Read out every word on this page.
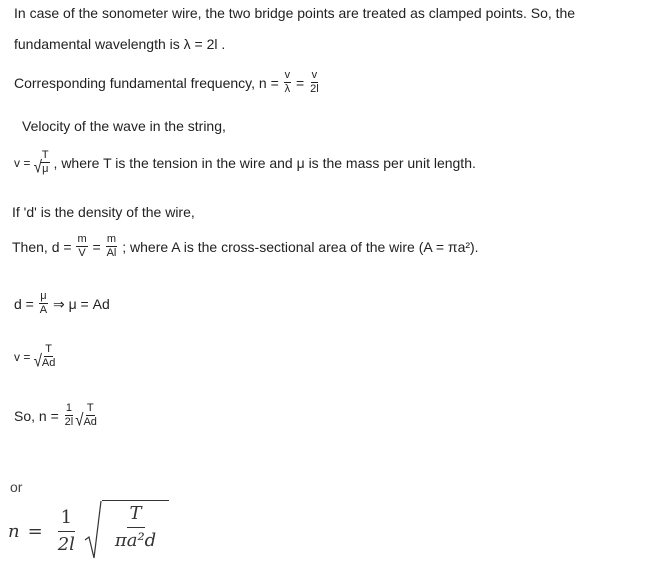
In case of the sonometer wire, the two bridge points are treated as clamped points. So, the
fundamental wavelength is λ = 2l .
Corresponding fundamental frequency, $n = \frac{v}{\lambda} = \frac{v}{2l}$
Velocity of the wave in the string,
v = √ $\frac{T}{\mu}$ , where T is the tension in the wire and μ is the mass per unit length.
If 'd' is the density of the wire,
Then, $d = \frac{m}{V} = \frac{m}{Al}$ ; where A is the cross-sectional area of the wire (A = πa²).
$d = \frac{\mu}{A}$ ⇒ μ = Ad
v = √ $\frac{T}{Ad}$
So, $n = \frac{1}{2l}$ √ $\frac{T}{Ad}$
or
$n = \frac{1}{2l} \frac{T}{\text{πa²d}}$
